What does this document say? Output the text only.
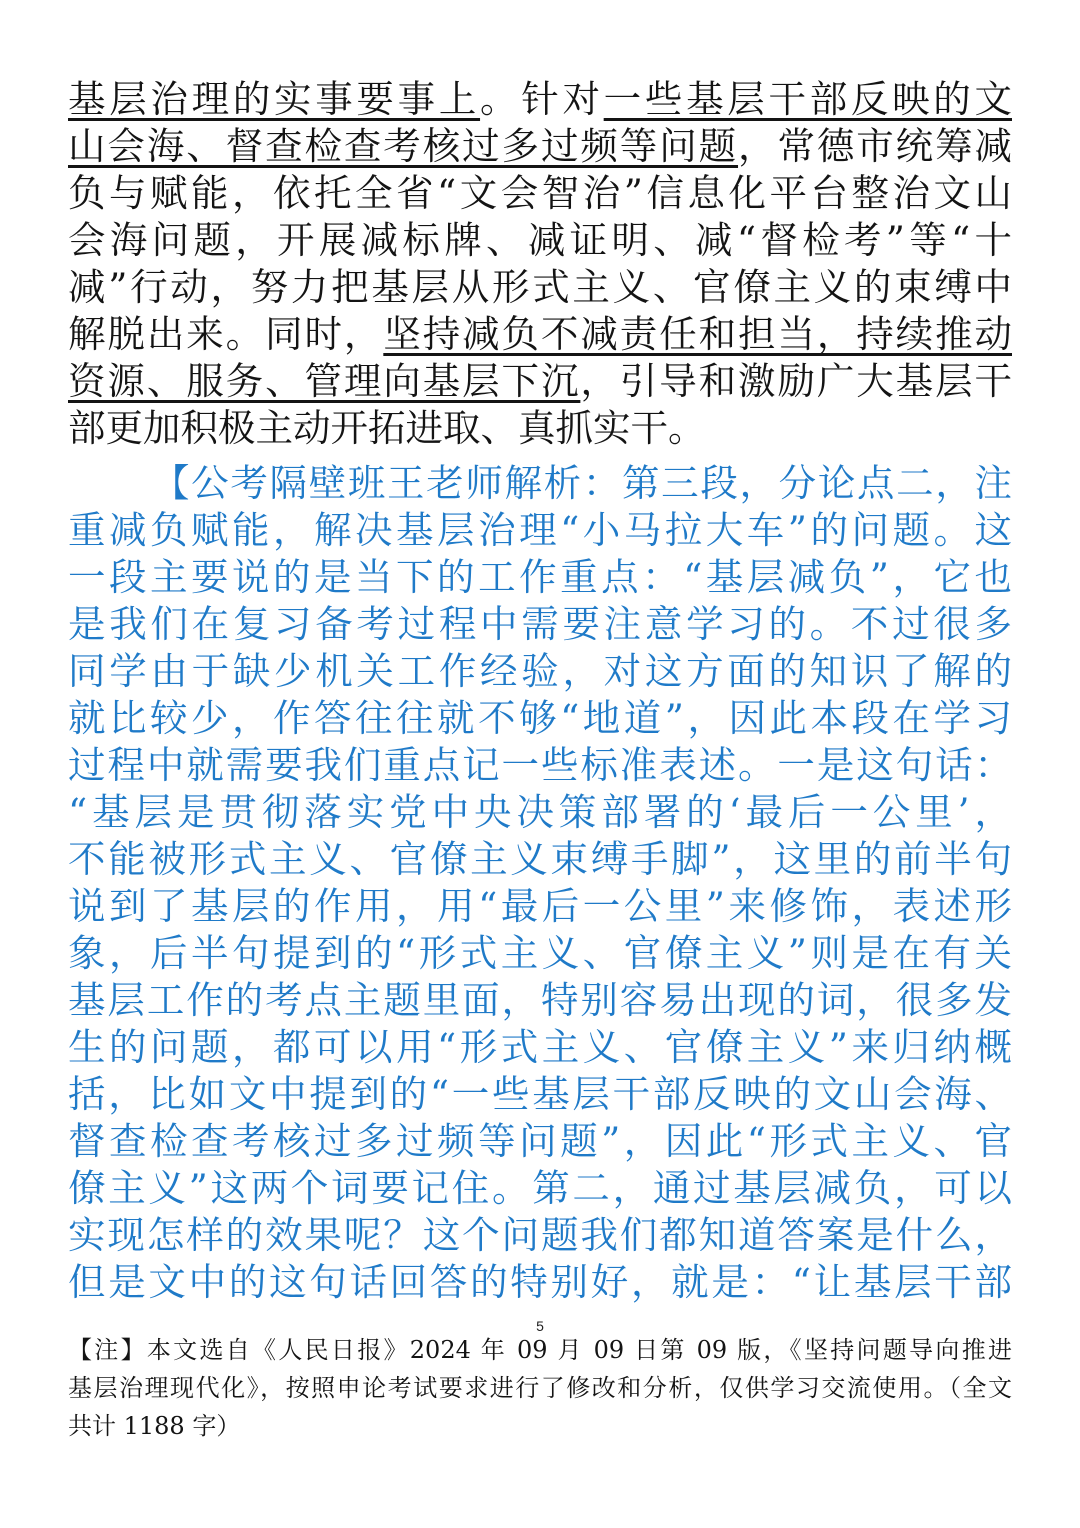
基层治理的实事要事上。针对一些基层干部反映的文
山会海、督查检查考核过多过频等问题，常德市统筹减
负与赋能，依托全省“文会智治”信息化平台整治文山
会海问题，开展减标牌、减证明、减“督检考”等“十
减”行动，努力把基层从形式主义、官僚主义的束缚中
解脱出来。同时，坚持减负不减责任和担当，持续推动
资源、服务、管理向基层下沉，引导和激励广大基层干
部更加积极主动开拓进取、真抓实干。
【公考隔壁班王老师解析：第三段，分论点二，注
重减负赋能，解决基层治理“小马拉大车”的问题。这
一段主要说的是当下的工作重点：“基层减负”，它也
是我们在复习备考过程中需要注意学习的。不过很多
同学由于缺少机关工作经验，对这方面的知识了解的
就比较少，作答往往就不够“地道”，因此本段在学习
过程中就需要我们重点记一些标准表述。一是这句话：
“基层是贯彻落实党中央决策部署的‘最后一公里’，
不能被形式主义、官僚主义束缚手脚”，这里的前半句
说到了基层的作用，用“最后一公里”来修饰，表述形
象，后半句提到的“形式主义、官僚主义”则是在有关
基层工作的考点主题里面，特别容易出现的词，很多发
生的问题，都可以用“形式主义、官僚主义”来归纳概
括，比如文中提到的“一些基层干部反映的文山会海、
督查检查考核过多过频等问题”，因此“形式主义、官
僚主义”这两个词要记住。第二，通过基层减负，可以
实现怎样的效果呢？这个问题我们都知道答案是什么，
但是文中的这句话回答的特别好，就是：“让基层干部
5
【注】本文选自《人民日报》2024 年 09 月 09 日第 09 版，《坚持问题导向推进
基层治理现代化》，按照申论考试要求进行了修改和分析，仅供学习交流使用。（全文
共计 1188 字）
